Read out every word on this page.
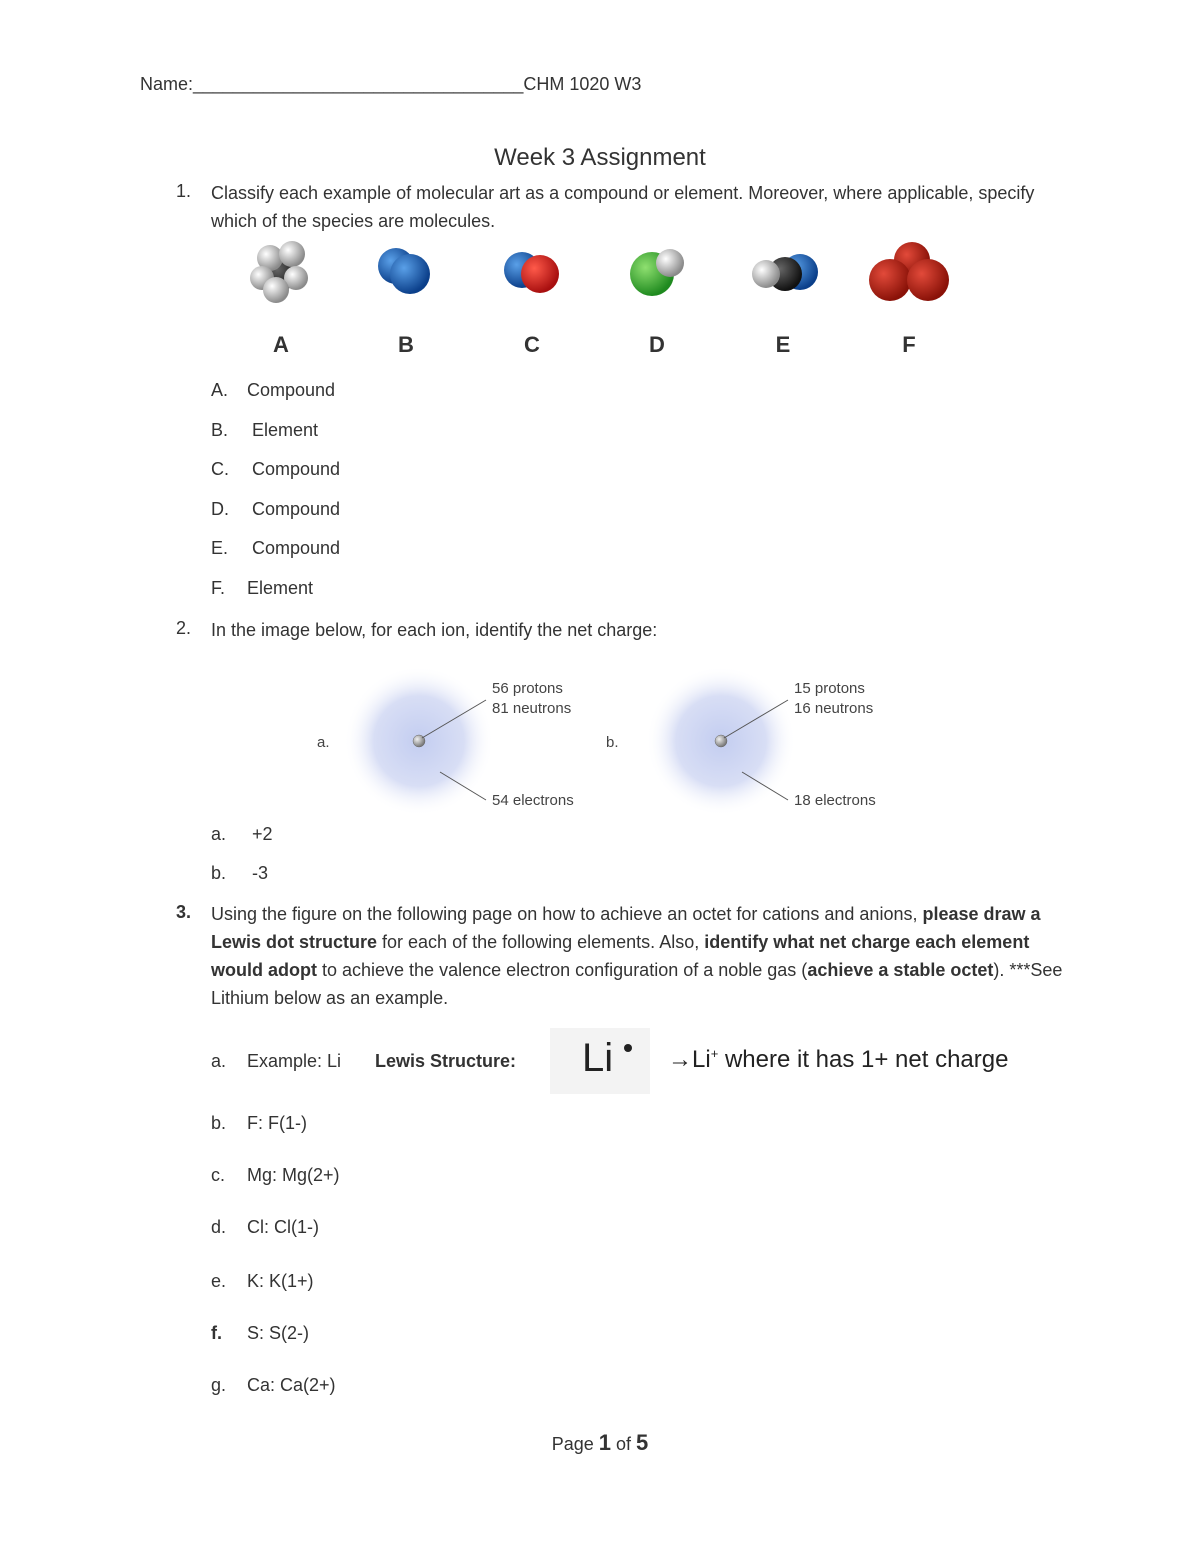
Name:_________________________________CHM 1020 W3
Week 3 Assignment
1. Classify each example of molecular art as a compound or element. Moreover, where applicable, specify which of the species are molecules.
A	B	C	D	E	F
A. Compound
B. Element
C. Compound
D. Compound
E. Compound
F. Element
2. In the image below, for each ion, identify the net charge:
a.
56 protons
81 neutrons
54 electrons
b.
15 protons
16 neutrons
18 electrons
a. +2
b. -3
3. Using the figure on the following page on how to achieve an octet for cations and anions, please draw a Lewis dot structure for each of the following elements. Also, identify what net charge each element would adopt to achieve the valence electron configuration of a noble gas (achieve a stable octet). ***See Lithium below as an example.
a. Example: Li Lewis Structure: Li →Li+ where it has 1+ net charge
b. F: F(1-)
c. Mg: Mg(2+)
d. Cl: Cl(1-)
e. K: K(1+)
f. S: S(2-)
g. Ca: Ca(2+)
Page 1 of 5
